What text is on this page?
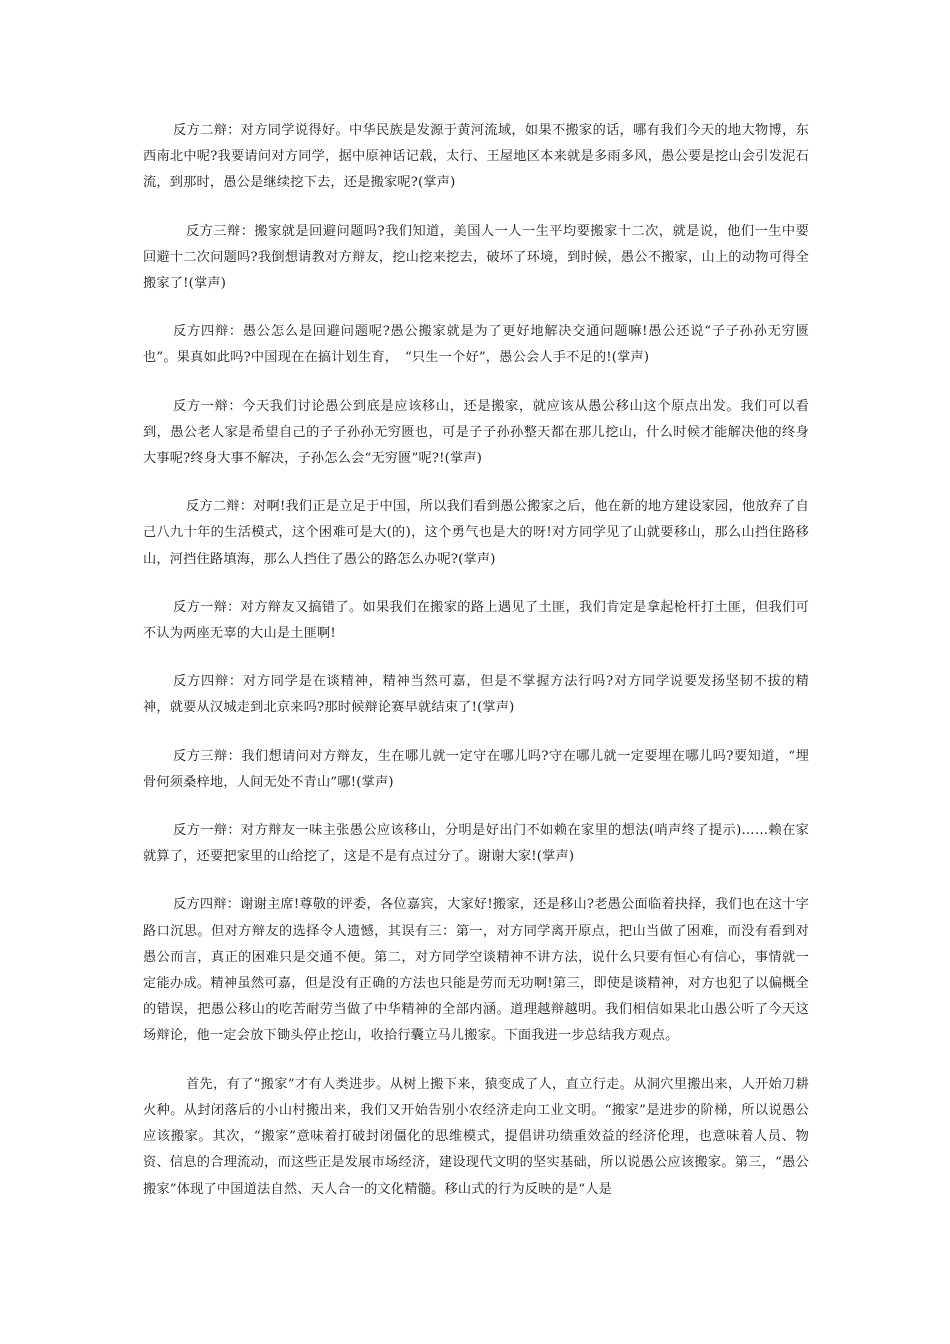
反方二辩：对方同学说得好。中华民族是发源于黄河流域，如果不搬家的话，哪有我们今天的地大物博，东西南北中呢?我要请问对方同学，据中原神话记载，太行、王屋地区本来就是多雨多风，愚公要是挖山会引发泥石流，到那时，愚公是继续挖下去，还是搬家呢?(掌声)

反方三辩：搬家就是回避问题吗?我们知道，美国人一人一生平均要搬家十二次，就是说，他们一生中要回避十二次问题吗?我倒想请教对方辩友，挖山挖来挖去，破坏了环境，到时候，愚公不搬家，山上的动物可得全搬家了!(掌声)

反方四辩：愚公怎么是回避问题呢?愚公搬家就是为了更好地解决交通问题嘛!愚公还说“子子孙孙无穷匮也”。果真如此吗?中国现在在搞计划生育，　“只生一个好”，愚公会人手不足的!(掌声)

反方一辩：今天我们讨论愚公到底是应该移山，还是搬家，就应该从愚公移山这个原点出发。我们可以看到，愚公老人家是希望自己的子子孙孙无穷匮也，可是子子孙孙整天都在那儿挖山，什么时候才能解决他的终身大事呢?终身大事不解决，子孙怎么会“无穷匮”呢?!(掌声)

反方二辩：对啊!我们正是立足于中国，所以我们看到愚公搬家之后，他在新的地方建设家园，他放弃了自己八九十年的生活模式，这个困难可是大(的)，这个勇气也是大的呀!对方同学见了山就要移山，那么山挡住路移山，河挡住路填海，那么人挡住了愚公的路怎么办呢?(掌声)

反方一辩：对方辩友又搞错了。如果我们在搬家的路上遇见了土匪，我们肯定是拿起枪杆打土匪，但我们可不认为两座无辜的大山是土匪啊!

反方四辩：对方同学是在谈精神，精神当然可嘉，但是不掌握方法行吗?对方同学说要发扬坚韧不拔的精神，就要从汉城走到北京来吗?那时候辩论赛早就结束了!(掌声)

反方三辩：我们想请问对方辩友，生在哪儿就一定守在哪儿吗?守在哪儿就一定要埋在哪儿吗?要知道，“埋骨何须桑梓地，人间无处不青山”哪!(掌声)

反方一辩：对方辩友一味主张愚公应该移山，分明是好出门不如赖在家里的想法(哨声终了提示)……赖在家就算了，还要把家里的山给挖了，这是不是有点过分了。谢谢大家!(掌声)

反方四辩：谢谢主席!尊敬的评委，各位嘉宾，大家好!搬家，还是移山?老愚公面临着抉择，我们也在这十字路口沉思。但对方辩友的选择令人遗憾，其误有三：第一，对方同学离开原点，把山当做了困难，而没有看到对愚公而言，真正的困难只是交通不便。第二，对方同学空谈精神不讲方法，说什么只要有恒心有信心，事情就一定能办成。精神虽然可嘉，但是没有正确的方法也只能是劳而无功啊!第三，即使是谈精神，对方也犯了以偏概全的错误，把愚公移山的吃苦耐劳当做了中华精神的全部内涵。道理越辩越明。我们相信如果北山愚公听了今天这场辩论，他一定会放下锄头停止挖山，收拾行囊立马儿搬家。下面我进一步总结我方观点。

首先，有了“搬家”才有人类进步。从树上搬下来，猿变成了人，直立行走。从洞穴里搬出来，人开始刀耕火种。从封闭落后的小山村搬出来，我们又开始告别小农经济走向工业文明。“搬家”是进步的阶梯，所以说愚公应该搬家。其次，“搬家”意味着打破封闭僵化的思维模式，提倡讲功绩重效益的经济伦理，也意味着人员、物资、信息的合理流动，而这些正是发展市场经济，建设现代文明的坚实基础，所以说愚公应该搬家。第三，“愚公搬家”体现了中国道法自然、天人合一的文化精髓。移山式的行为反映的是“人是
